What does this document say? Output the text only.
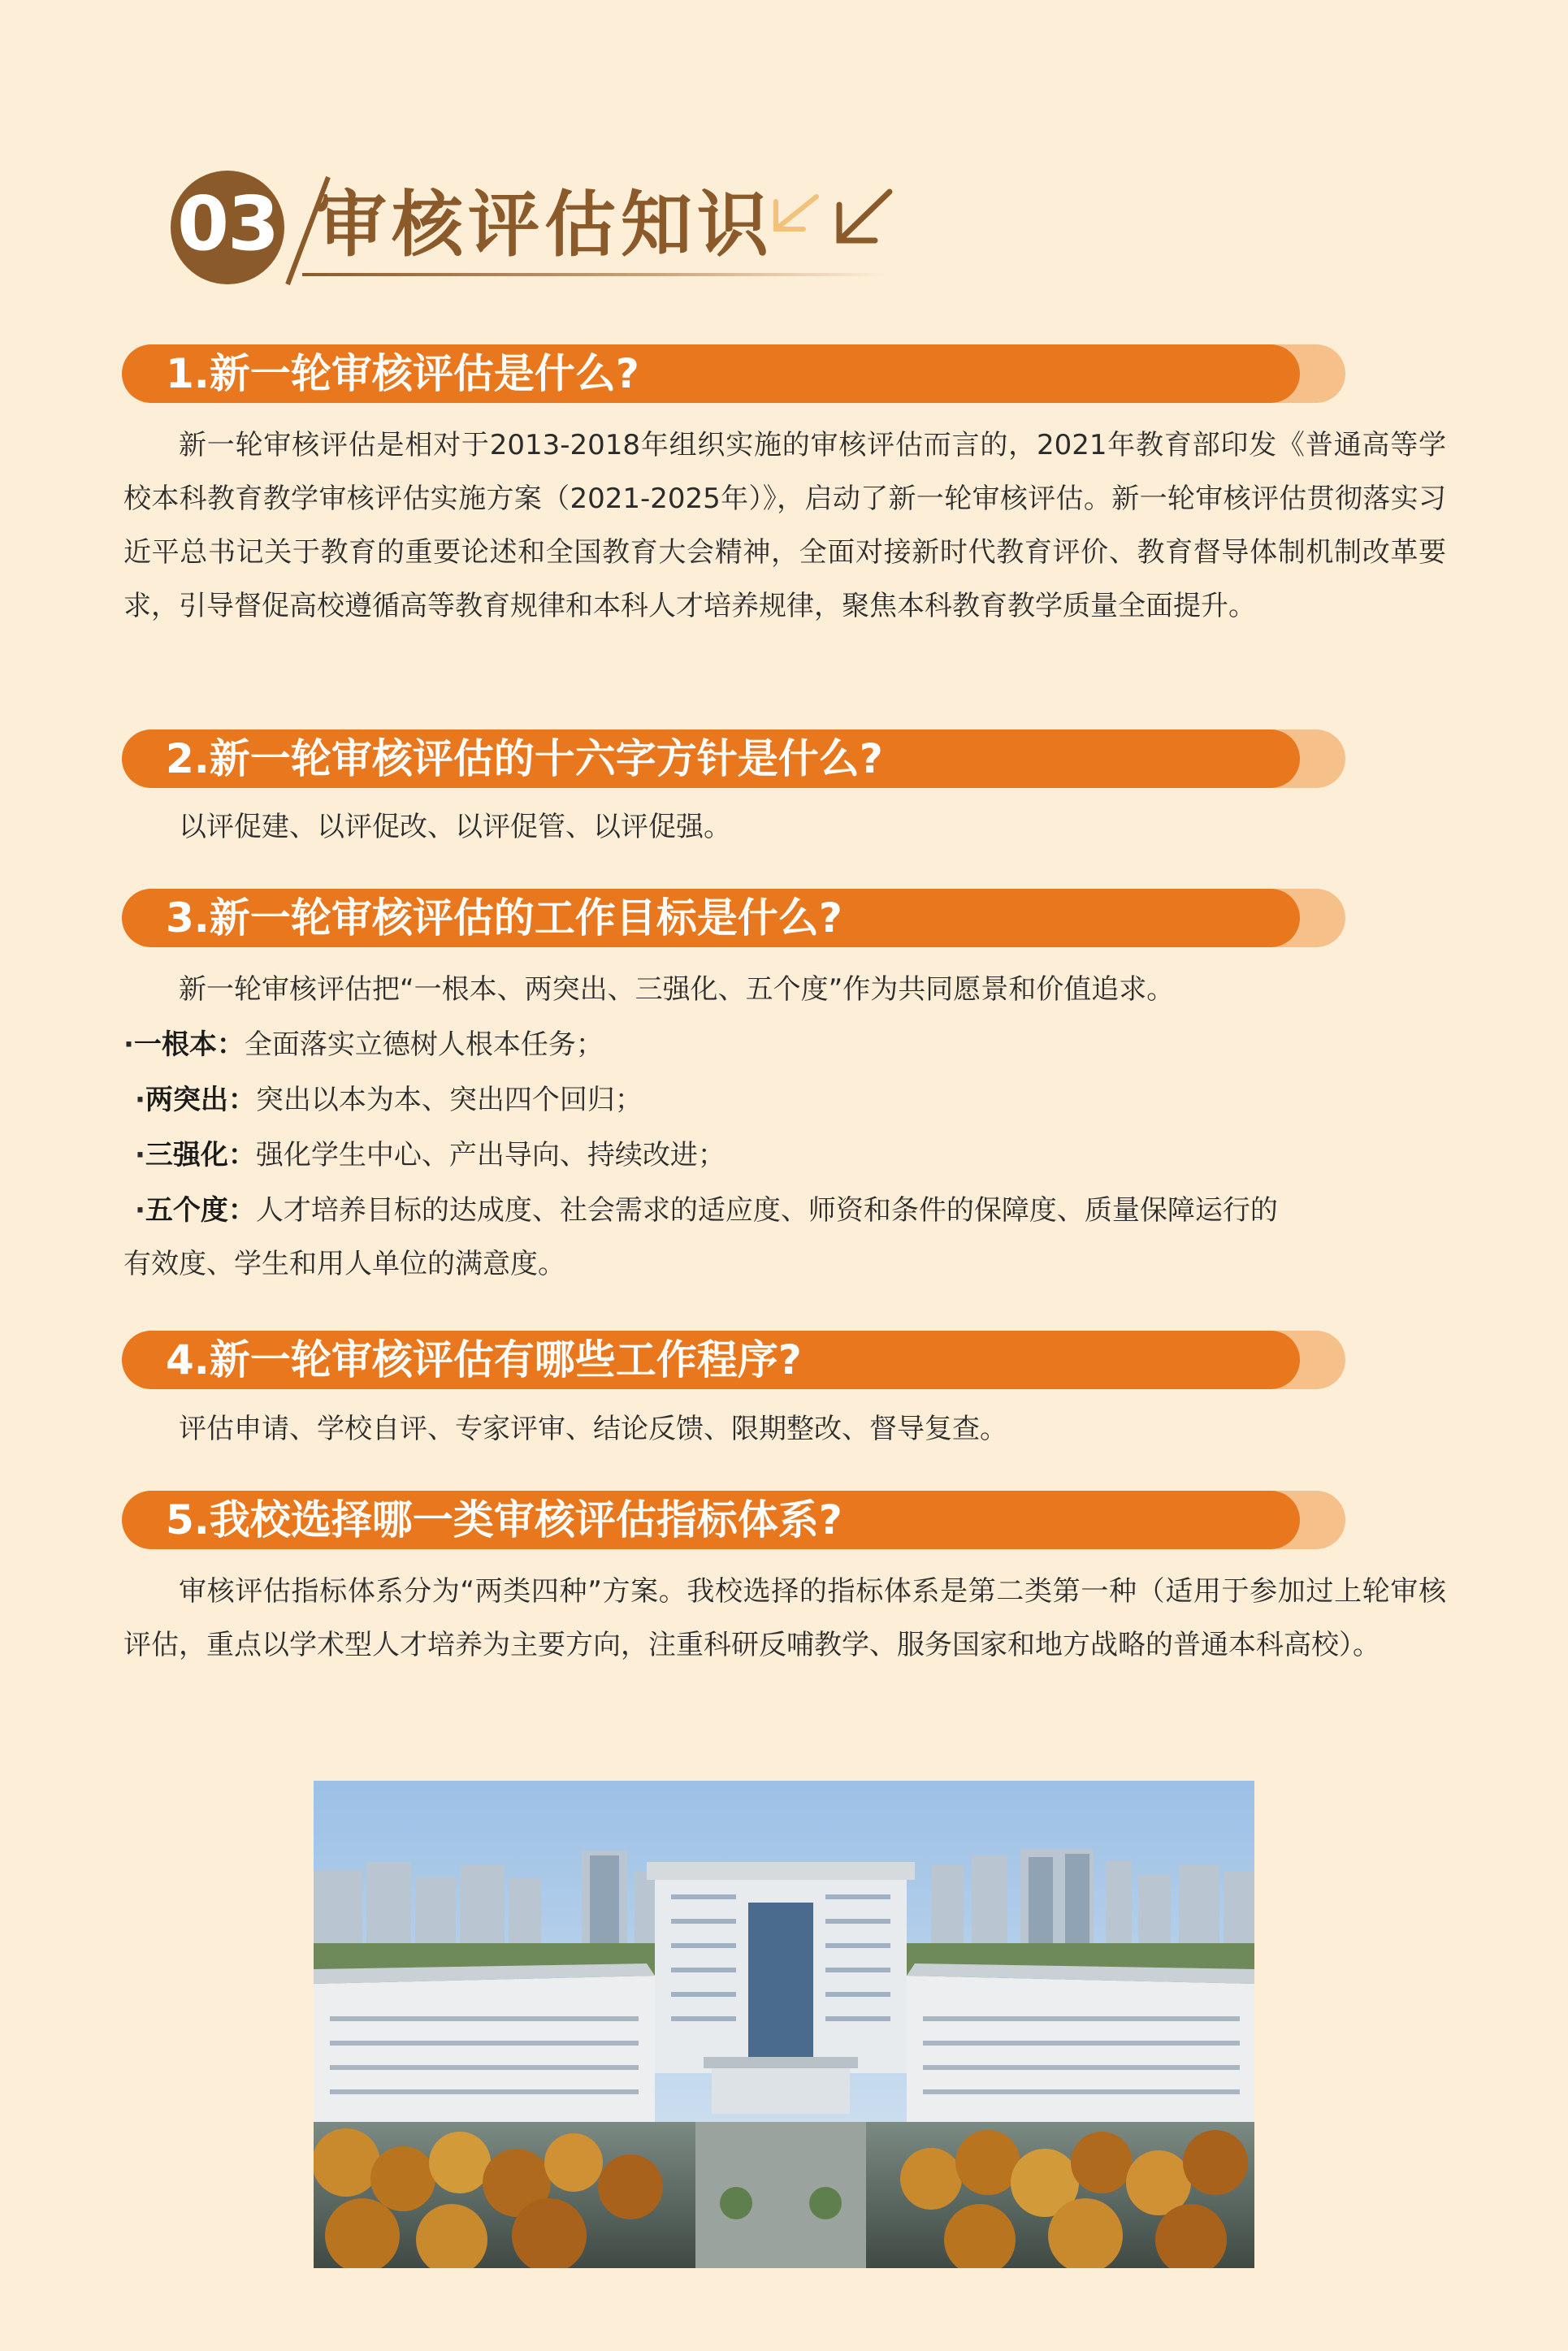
03 审核评估知识
1.新一轮审核评估是什么?
新一轮审核评估是相对于2013-2018年组织实施的审核评估而言的，2021年教育部印发《普通高等学校本科教育教学审核评估实施方案（2021-2025年）》，启动了新一轮审核评估。新一轮审核评估贯彻落实习近平总书记关于教育的重要论述和全国教育大会精神，全面对接新时代教育评价、教育督导体制机制改革要求，引导督促高校遵循高等教育规律和本科人才培养规律，聚焦本科教育教学质量全面提升。
2.新一轮审核评估的十六字方针是什么?
以评促建、以评促改、以评促管、以评促强。
3.新一轮审核评估的工作目标是什么?
新一轮审核评估把“一根本、两突出、三强化、五个度”作为共同愿景和价值追求。
·一根本：全面落实立德树人根本任务；
·两突出：突出以本为本、突出四个回归；
·三强化：强化学生中心、产出导向、持续改进；
·五个度：人才培养目标的达成度、社会需求的适应度、师资和条件的保障度、质量保障运行的
有效度、学生和用人单位的满意度。
4.新一轮审核评估有哪些工作程序?
评估申请、学校自评、专家评审、结论反馈、限期整改、督导复查。
5.我校选择哪一类审核评估指标体系?
审核评估指标体系分为“两类四种”方案。我校选择的指标体系是第二类第一种（适用于参加过上轮审核评估，重点以学术型人才培养为主要方向，注重科研反哺教学、服务国家和地方战略的普通本科高校）。
